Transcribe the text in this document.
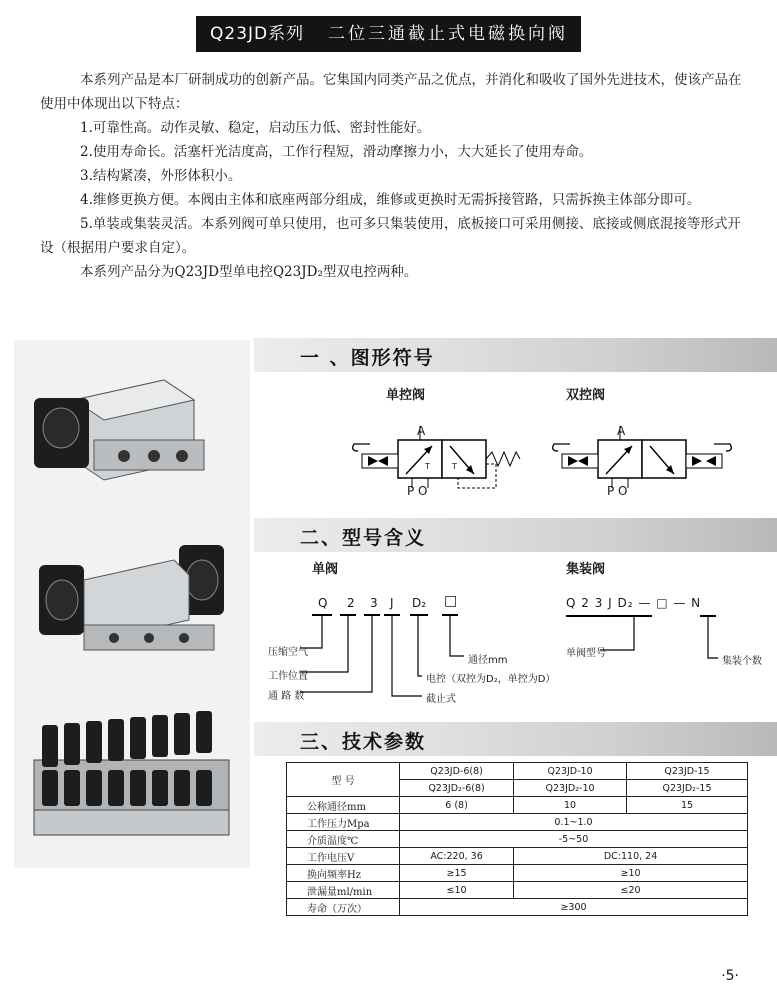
Q23JD系列 二位三通截止式电磁换向阀

本系列产品是本厂研制成功的创新产品。它集国内同类产品之优点，并消化和吸收了国外先进技术，使该产品在使用中体现出以下特点：

1.可靠性高。动作灵敏、稳定，启动压力低、密封性能好。

2.使用寿命长。活塞杆光洁度高，工作行程短，滑动摩擦力小，大大延长了使用寿命。

3.结构紧凑，外形体积小。

4.维修更换方便。本阀由主体和底座两部分组成，维修或更换时无需拆接管路，只需拆换主体部分即可。

5.单装或集装灵活。本系列阀可单只使用，也可多只集装使用，底板接口可采用侧接、底接或侧底混接等形式开设（根据用户要求自定）。

本系列产品分为Q23JD型单电控Q23JD₂型双电控两种。

一 、图形符号
单控阀	双控阀
A
P O
T	T
A
P O
二、型号含义
单阀	集装阀
Q 2 3 J D₂ □
压缩空气
工作位置
通 路 数	截止式
电控（双控为D₂，单控为D）
通径mm
Q 2 3 J D₂ — □ — N
单阀型号
集装个数
三、技术参数
型 号	Q23JD-6(8)	Q23JD-10	Q23JD-15
	Q23JD₂-6(8)	Q23JD₂-10	Q23JD₂-15
公称通径mm	6 (8)	10	15
工作压力Mpa	0.1~1.0		
介质温度℃	-5~50		
工作电压V	AC:220, 36	DC:110, 24	
换向频率Hz	≥15	≥10	
泄漏量ml/min	≤10	≤20	
寿命（万次）	≥300		
·5·
